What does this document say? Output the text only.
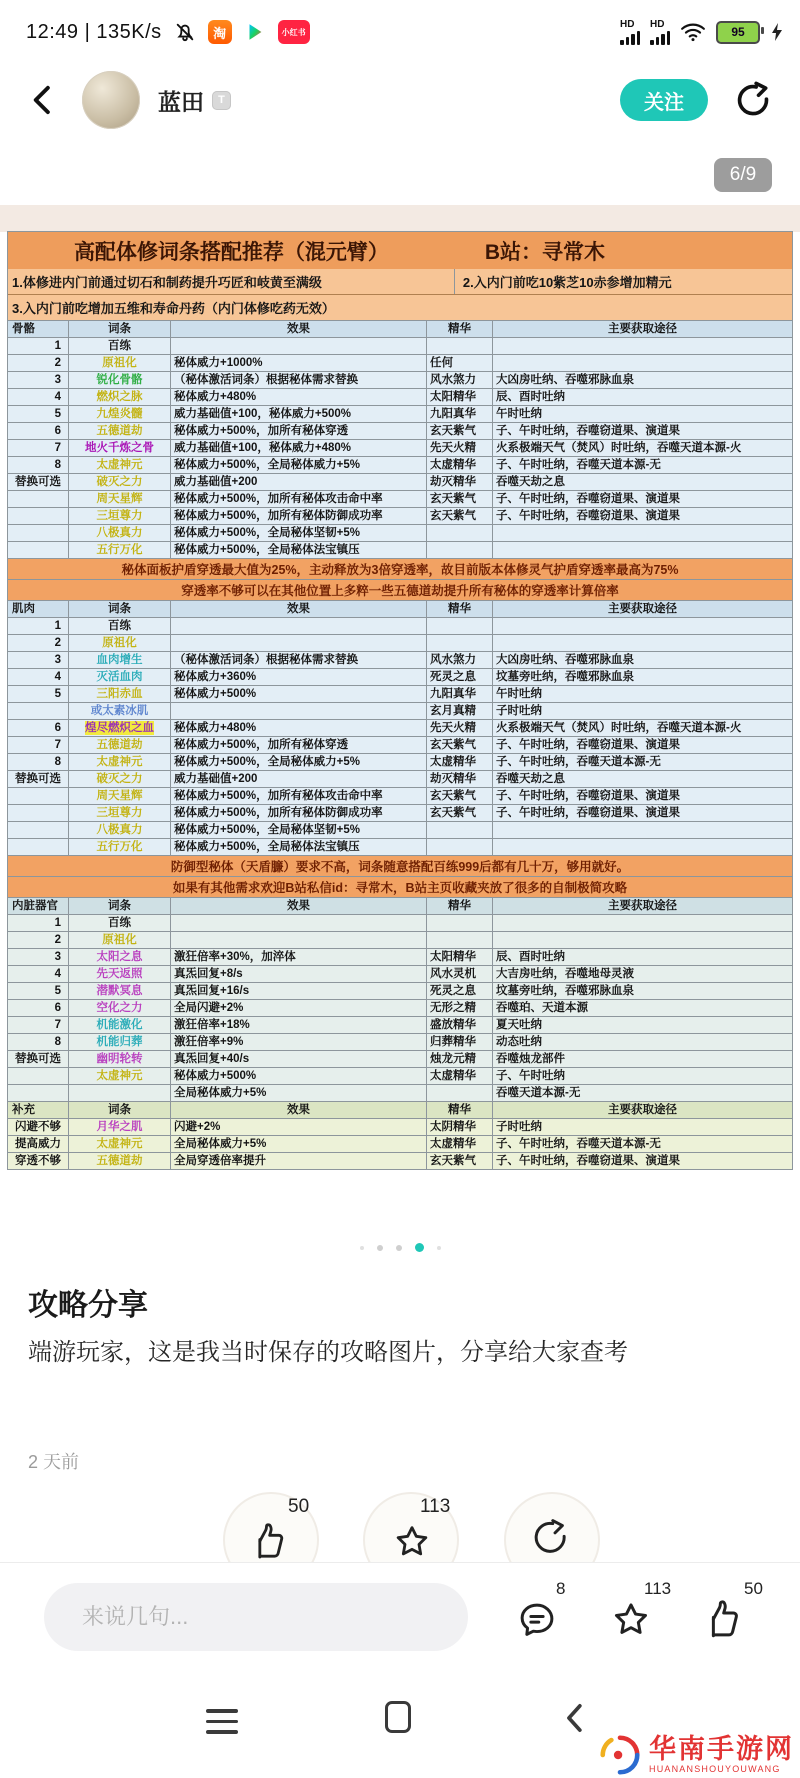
12:49 | 135K/s	淘	小红书
HD HD
95
蓝田	T	关注
6/9
高配体修词条搭配推荐（混元臂）	B站：寻常木
1.体修进内门前通过切石和制药提升巧匠和岐黄至满级	2.入内门前吃10紫芝10赤参增加精元
3.入内门前吃增加五维和寿命丹药（内门体修吃药无效）
骨骼	词条	效果	精华	主要获取途径
1	百练
2	原祖化	秘体威力+1000%	任何
3	锐化骨骼	（秘体激活词条）根据秘体需求替换	风水煞力	大凶房吐纳、吞噬邪脉血泉
4	燃炽之脉	秘体威力+480%	太阳精华	辰、酉时吐纳
5	九煌炎髓	威力基础值+100，秘体威力+500%	九阳真华	午时吐纳
6	五德道劫	秘体威力+500%，加所有秘体穿透	玄天紫气	子、午时吐纳，吞噬窃道果、演道果
7	地火千炼之骨	威力基础值+100，秘体威力+480%	先天火精	火系极端天气（焚风）时吐纳，吞噬天道本源-火
8	太虚神元	秘体威力+500%，全局秘体威力+5%	太虚精华	子、午时吐纳，吞噬天道本源-无
替换可选	破灭之力	威力基础值+200	劫灭精华	吞噬天劫之息
周天星辉	秘体威力+500%，加所有秘体攻击命中率	玄天紫气	子、午时吐纳，吞噬窃道果、演道果
三垣尊力	秘体威力+500%，加所有秘体防御成功率	玄天紫气	子、午时吐纳，吞噬窃道果、演道果
八极真力	秘体威力+500%，全局秘体坚韧+5%
五行万化	秘体威力+500%，全局秘体法宝镇压
秘体面板护盾穿透最大值为25%，主动释放为3倍穿透率，故目前版本体修灵气护盾穿透率最高为75%
穿透率不够可以在其他位置上多粹一些五德道劫提升所有秘体的穿透率计算倍率
肌肉	词条	效果	精华	主要获取途径
1	百练
2	原祖化
3	血肉增生	（秘体激活词条）根据秘体需求替换	风水煞力	大凶房吐纳、吞噬邪脉血泉
4	灭活血肉	秘体威力+360%	死灵之息	坟墓旁吐纳，吞噬邪脉血泉
5	三阳赤血	秘体威力+500%	九阳真华	午时吐纳
或太素冰肌	玄月真精	子时吐纳
6	煌尽燃炽之血	秘体威力+480%	先天火精	火系极端天气（焚风）时吐纳，吞噬天道本源-火
7	五德道劫	秘体威力+500%，加所有秘体穿透	玄天紫气	子、午时吐纳，吞噬窃道果、演道果
8	太虚神元	秘体威力+500%，全局秘体威力+5%	太虚精华	子、午时吐纳，吞噬天道本源-无
替换可选	破灭之力	威力基础值+200	劫灭精华	吞噬天劫之息
周天星辉	秘体威力+500%，加所有秘体攻击命中率	玄天紫气	子、午时吐纳，吞噬窃道果、演道果
三垣尊力	秘体威力+500%，加所有秘体防御成功率	玄天紫气	子、午时吐纳，吞噬窃道果、演道果
八极真力	秘体威力+500%，全局秘体坚韧+5%
五行万化	秘体威力+500%，全局秘体法宝镇压
防御型秘体（天盾臁）要求不高，词条随意搭配百练999后都有几十万，够用就好。
如果有其他需求欢迎B站私信id：寻常木，B站主页收藏夹放了很多的自制极简攻略
内脏器官	词条	效果	精华	主要获取途径
1	百练
2	原祖化
3	太阳之息	激狂倍率+30%，加淬体	太阳精华	辰、酉时吐纳
4	先天返照	真炁回复+8/s	风水灵机	大吉房吐纳，吞噬地母灵液
5	潜默冥息	真炁回复+16/s	死灵之息	坟墓旁吐纳，吞噬邪脉血泉
6	空化之力	全局闪避+2%	无形之精	吞噬珀、天道本源
7	机能激化	激狂倍率+18%	盛放精华	夏天吐纳
8	机能归葬	激狂倍率+9%	归葬精华	动态吐纳
替换可选	幽明轮转	真炁回复+40/s	烛龙元精	吞噬烛龙部件
太虚神元	秘体威力+500%	太虚精华	子、午时吐纳
全局秘体威力+5%	吞噬天道本源-无
补充	词条	效果	精华	主要获取途径
闪避不够	月华之肌	闪避+2%	太阴精华	子时吐纳
提高威力	太虚神元	全局秘体威力+5%	太虚精华	子、午时吐纳，吞噬天道本源-无
穿透不够	五德道劫	全局穿透倍率提升	玄天紫气	子、午时吐纳，吞噬窃道果、演道果
攻略分享
端游玩家，这是我当时保存的攻略图片，分享给大家查考
2 天前
50	113
来说几句...
8	113	50
华南手游网
HUANANSHOUYOUWANG
